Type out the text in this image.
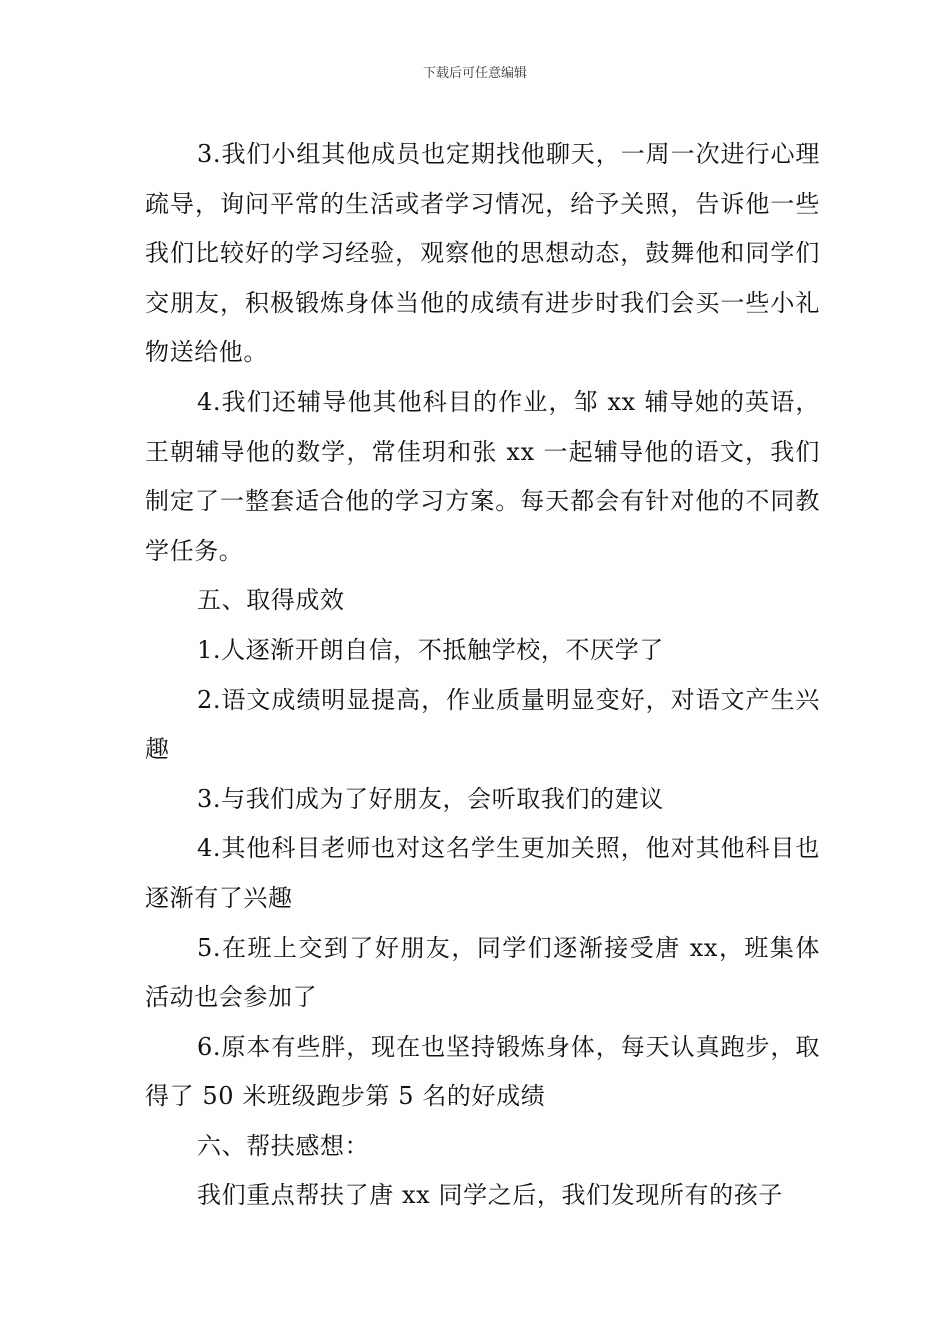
下载后可任意编辑

3.我们小组其他成员也定期找他聊天，一周一次进行心理疏导，询问平常的生活或者学习情况，给予关照，告诉他一些我们比较好的学习经验，观察他的思想动态，鼓舞他和同学们交朋友，积极锻炼身体当他的成绩有进步时我们会买一些小礼物送给他。

4.我们还辅导他其他科目的作业，邹 xx 辅导她的英语，王朝辅导他的数学，常佳玥和张 xx 一起辅导他的语文，我们制定了一整套适合他的学习方案。每天都会有针对他的不同教学任务。

五、取得成效

1.人逐渐开朗自信，不抵触学校，不厌学了

2.语文成绩明显提高，作业质量明显变好，对语文产生兴趣

3.与我们成为了好朋友，会听取我们的建议

4.其他科目老师也对这名学生更加关照，他对其他科目也逐渐有了兴趣

5.在班上交到了好朋友，同学们逐渐接受唐 xx，班集体活动也会参加了

6.原本有些胖，现在也坚持锻炼身体，每天认真跑步，取得了 50 米班级跑步第 5 名的好成绩

六、帮扶感想：

我们重点帮扶了唐 xx 同学之后，我们发现所有的孩子
